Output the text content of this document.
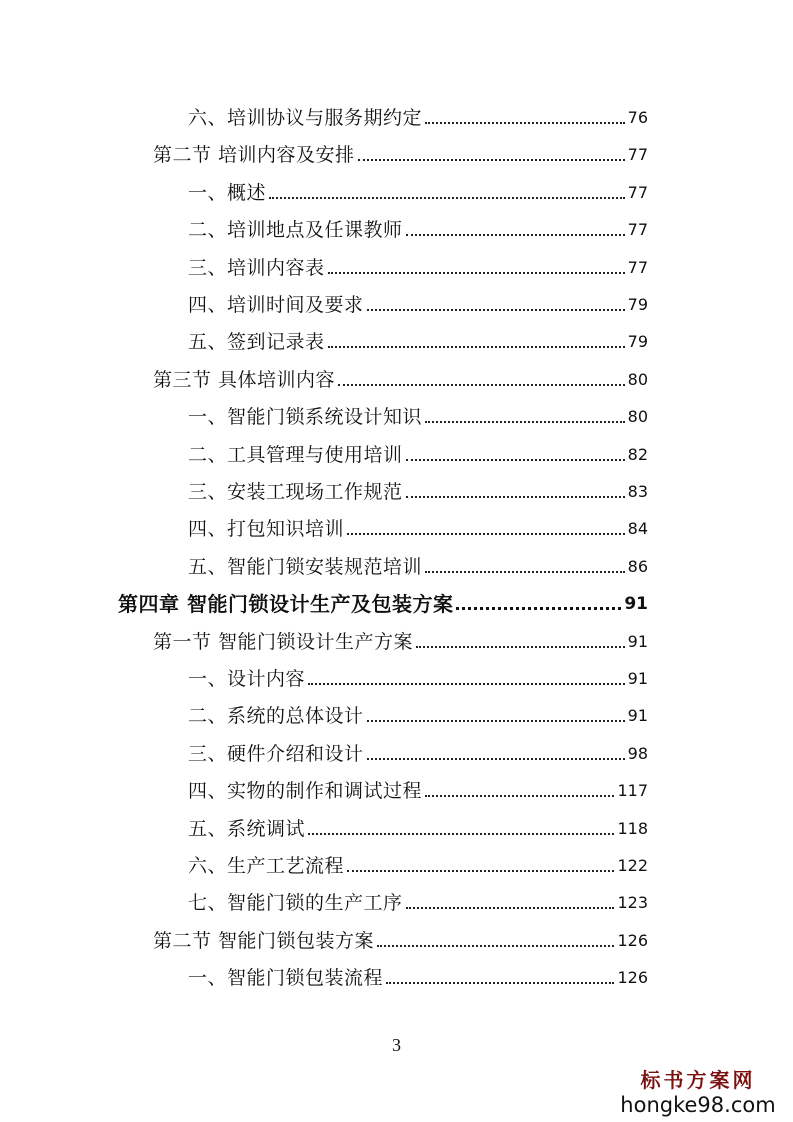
六、培训协议与服务期约定	76
第二节 培训内容及安排	77
一、概述	77
二、培训地点及任课教师	77
三、培训内容表	77
四、培训时间及要求	79
五、签到记录表	79
第三节 具体培训内容	80
一、智能门锁系统设计知识	80
二、工具管理与使用培训	82
三、安装工现场工作规范	83
四、打包知识培训	84
五、智能门锁安装规范培训	86
第四章 智能门锁设计生产及包装方案	91
第一节 智能门锁设计生产方案	91
一、设计内容	91
二、系统的总体设计	91
三、硬件介绍和设计	98
四、实物的制作和调试过程	117
五、系统调试	118
六、生产工艺流程	122
七、智能门锁的生产工序	123
第二节 智能门锁包装方案	126
一、智能门锁包装流程	126
3
标书方案网
hongke98.com
